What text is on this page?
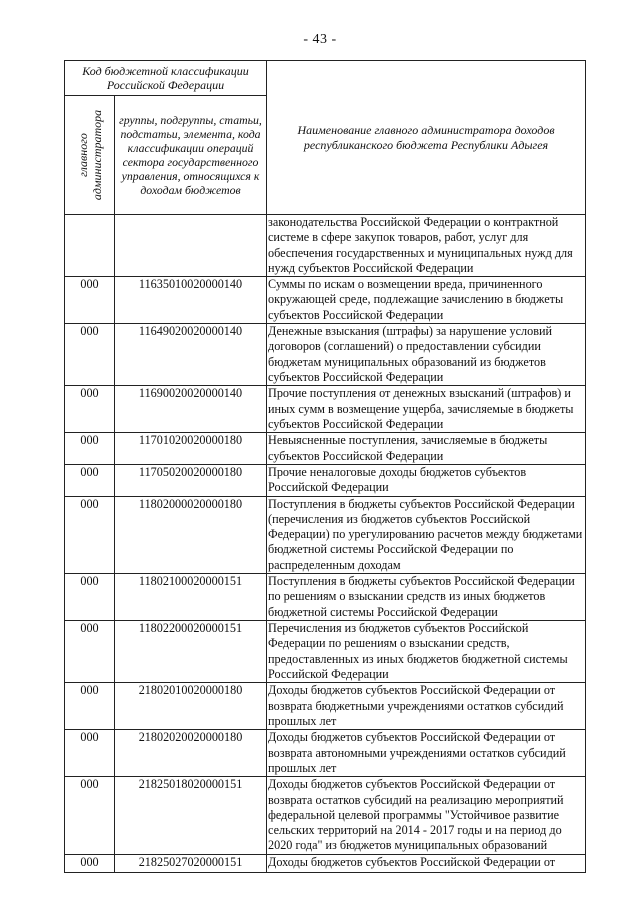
- 43 -
Код бюджетной классификации Российской Федерации		Наименование главного администратора доходов республиканского бюджета Республики Адыгея

главного администратора	группы, подгруппы, статьи, подстатьи, элемента, кода классификации операций сектора государственного управления, относящихся к доходам бюджетов	
		законодательства Российской Федерации о контрактной системе в сфере закупок товаров, работ, услуг для обеспечения государственных и муниципальных нужд для нужд субъектов Российской Федерации
000	11635010020000140	Суммы по искам о возмещении вреда, причиненного окружающей среде, подлежащие зачислению в бюджеты субъектов Российской Федерации
000	11649020020000140	Денежные взыскания (штрафы) за нарушение условий договоров (соглашений) о предоставлении субсидии бюджетам муниципальных образований из бюджетов субъектов Российской Федерации
000	11690020020000140	Прочие поступления от денежных взысканий (штрафов) и иных сумм в возмещение ущерба, зачисляемые в бюджеты субъектов Российской Федерации
000	11701020020000180	Невыясненные поступления, зачисляемые в бюджеты субъектов Российской Федерации
000	11705020020000180	Прочие неналоговые доходы бюджетов субъектов Российской Федерации
000	11802000020000180	Поступления в бюджеты субъектов Российской Федерации (перечисления из бюджетов субъектов Российской Федерации) по урегулированию расчетов между бюджетами бюджетной системы Российской Федерации по распределенным доходам
000	11802100020000151	Поступления в бюджеты субъектов Российской Федерации по решениям о взыскании средств из иных бюджетов бюджетной системы Российской Федерации
000	11802200020000151	Перечисления из бюджетов субъектов Российской Федерации по решениям о взыскании средств, предоставленных из иных бюджетов бюджетной системы Российской Федерации
000	21802010020000180	Доходы бюджетов субъектов Российской Федерации от возврата бюджетными учреждениями остатков субсидий прошлых лет
000	21802020020000180	Доходы бюджетов субъектов Российской Федерации от возврата автономными учреждениями остатков субсидий прошлых лет
000	21825018020000151	Доходы бюджетов субъектов Российской Федерации от возврата остатков субсидий на реализацию мероприятий федеральной целевой программы "Устойчивое развитие сельских территорий на 2014 - 2017 годы и на период до 2020 года" из бюджетов муниципальных образований
000	21825027020000151	Доходы бюджетов субъектов Российской Федерации от
